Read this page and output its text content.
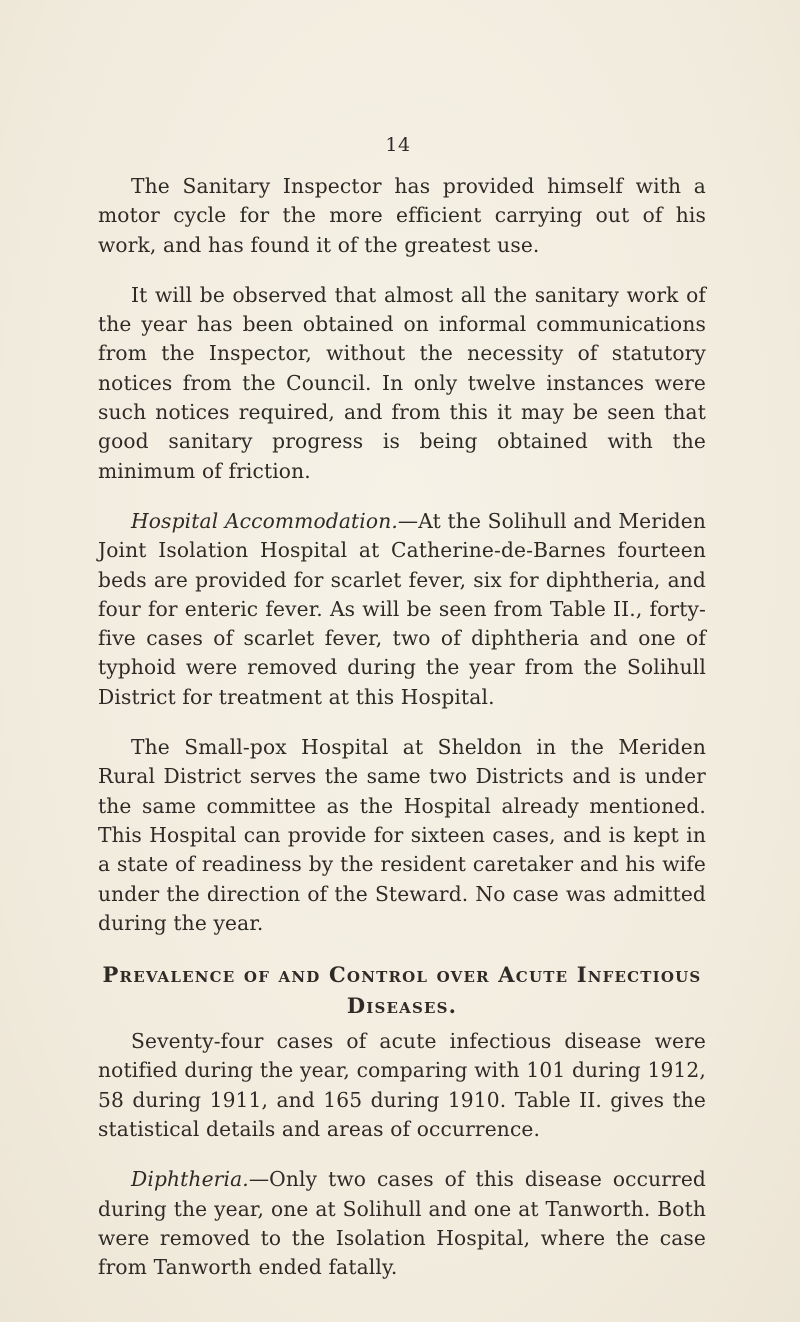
14

The Sanitary Inspector has provided himself with a motor cycle for the more efficient carrying out of his work, and has found it of the greatest use.

It will be observed that almost all the sanitary work of the year has been obtained on informal communications from the Inspector, without the necessity of statutory notices from the Council. In only twelve instances were such notices required, and from this it may be seen that good sanitary progress is being obtained with the minimum of friction.

Hospital Accommodation.—At the Solihull and Meriden Joint Isolation Hospital at Catherine-de-Barnes fourteen beds are provided for scarlet fever, six for diphtheria, and four for enteric fever. As will be seen from Table II., forty-five cases of scarlet fever, two of diphtheria and one of typhoid were removed during the year from the Solihull District for treatment at this Hospital.

The Small-pox Hospital at Sheldon in the Meriden Rural District serves the same two Districts and is under the same committee as the Hospital already mentioned. This Hospital can provide for sixteen cases, and is kept in a state of readiness by the resident caretaker and his wife under the direction of the Steward. No case was admitted during the year.

Prevalence of and Control over Acute Infectious
Diseases.

Seventy-four cases of acute infectious disease were notified during the year, comparing with 101 during 1912, 58 during 1911, and 165 during 1910. Table II. gives the statistical details and areas of occurrence.

Diphtheria.—Only two cases of this disease occurred during the year, one at Solihull and one at Tanworth. Both were removed to the Isolation Hospital, where the case from Tanworth ended fatally.
